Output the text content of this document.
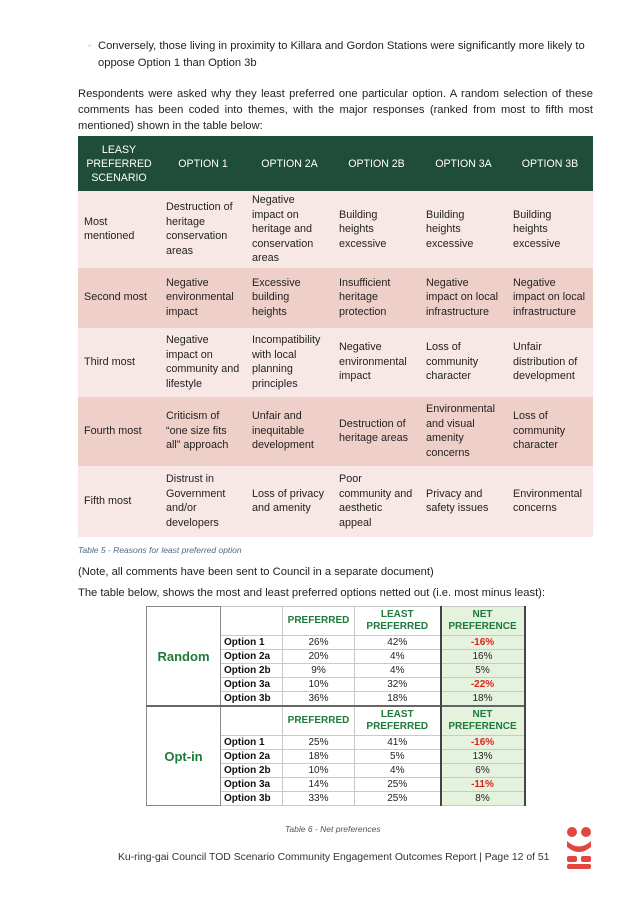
▫ Conversely, those living in proximity to Killara and Gordon Stations were significantly more likely to oppose Option 1 than Option 3b
Respondents were asked why they least preferred one particular option. A random selection of these comments has been coded into themes, with the major responses (ranked from most to fifth most mentioned) shown in the table below:
LEASY PREFERRED SCENARIO	OPTION 1	OPTION 2A	OPTION 2B	OPTION 3A	OPTION 3B
Most mentioned	Destruction of heritage conservation areas	Negative impact on heritage and conservation areas	Building heights excessive	Building heights excessive	Building heights excessive
Second most	Negative environmental impact	Excessive building heights	Insufficient heritage protection	Negative impact on local infrastructure	Negative impact on local infrastructure
Third most	Negative impact on community and lifestyle	Incompatibility with local planning principles	Negative environmental impact	Loss of community character	Unfair distribution of development
Fourth most	Criticism of “one size fits all” approach	Unfair and inequitable development	Destruction of heritage areas	Environmental and visual amenity concerns	Loss of community character
Fifth most	Distrust in Government and/or developers	Loss of privacy and amenity	Poor community and aesthetic appeal	Privacy and safety issues	Environmental concerns
Table 5 - Reasons for least preferred option
(Note, all comments have been sent to Council in a separate document)
The table below, shows the most and least preferred options netted out (i.e. most minus least):
Random		PREFERRED	LEAST PREFERRED	NET PREFERENCE
	Option 1	26%	42%	-16%
	Option 2a	20%	4%	16%
	Option 2b	9%	4%	5%
	Option 3a	10%	32%	-22%
	Option 3b	36%	18%	18%
Opt-in		PREFERRED	LEAST PREFERRED	NET PREFERENCE
	Option 1	25%	41%	-16%
	Option 2a	18%	5%	13%
	Option 2b	10%	4%	6%
	Option 3a	14%	25%	-11%
	Option 3b	33%	25%	8%
Table 6 - Net preferences
Ku-ring-gai Council TOD Scenario Community Engagement Outcomes Report | Page 12 of 51
